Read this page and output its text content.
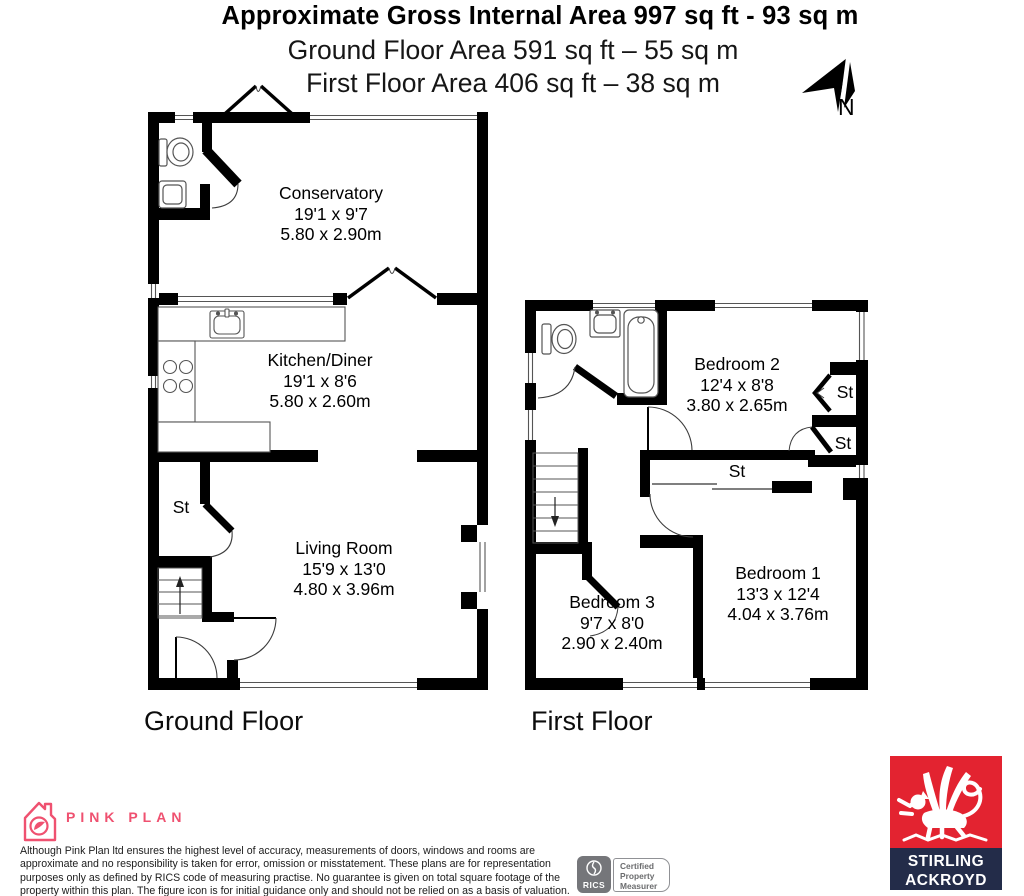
Approximate Gross Internal Area 997 sq ft - 93 sq m
Ground Floor Area 591 sq ft – 55 sq m
First Floor Area 406 sq ft – 38 sq m
N
Conservatory
19'1 x 9'7
5.80 x 2.90m
Kitchen/Diner
19'1 x 8'6
5.80 x 2.60m
Living Room
15'9 x 13'0
4.80 x 3.96m
St
Bedroom 2
12'4 x 8'8
3.80 x 2.65m
Bedroom 3
9'7 x 8'0
2.90 x 2.40m
Bedroom 1
13'3 x 12'4
4.04 x 3.76m
St
St
St
Ground Floor	First Floor
PINK PLAN
Although Pink Plan ltd ensures the highest level of accuracy, measurements of doors, windows and rooms are
approximate and no responsibility is taken for error, omission or misstatement. These plans are for representation
purposes only as defined by RICS code of measuring practise. No guarantee is given on total square footage of the
property within this plan. The figure icon is for initial guidance only and should not be relied on as a basis of valuation.	RICS
Certified
Property
Measurer
STIRLING
ACKROYD
